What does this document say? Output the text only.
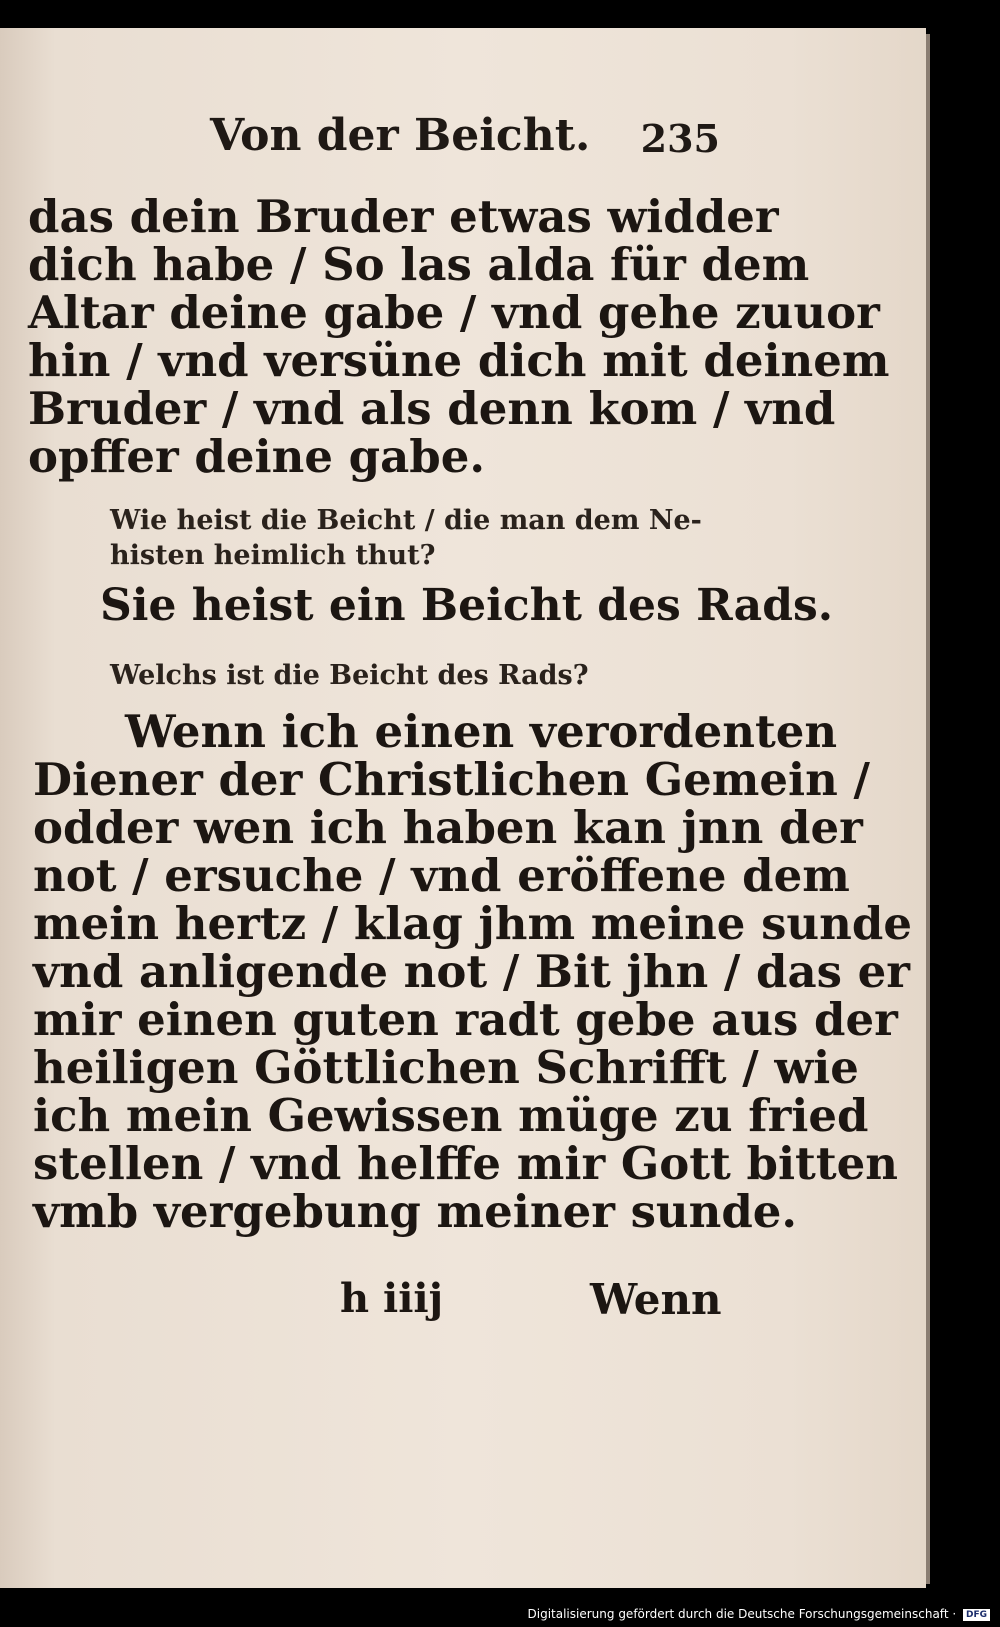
Von der Beicht. 235
das dein Bruder etwas widder
dich habe / So las alda für dem
Altar deine gabe / vnd gehe zuuor
hin / vnd versüne dich mit deinem
Bruder / vnd als denn kom / vnd
opffer deine gabe.
Wie heist die Beicht / die man dem Ne-
histen heimlich thut?
Sie heist ein Beicht des Rads.
Welchs ist die Beicht des Rads?
Wenn ich einen verordenten
Diener der Christlichen Gemein /
odder wen ich haben kan jnn der
not / ersuche / vnd eröffene dem
mein hertz / klag jhm meine sunde
vnd anligende not / Bit jhn / das er
mir einen guten radt gebe aus der
heiligen Göttlichen Schrifft / wie
ich mein Gewissen müge zu fried
stellen / vnd helffe mir Gott bitten
vmb vergebung meiner sunde.
h iiij	Wenn
Digitalisierung gefördert durch die Deutsche Forschungsgemeinschaft · DFG
